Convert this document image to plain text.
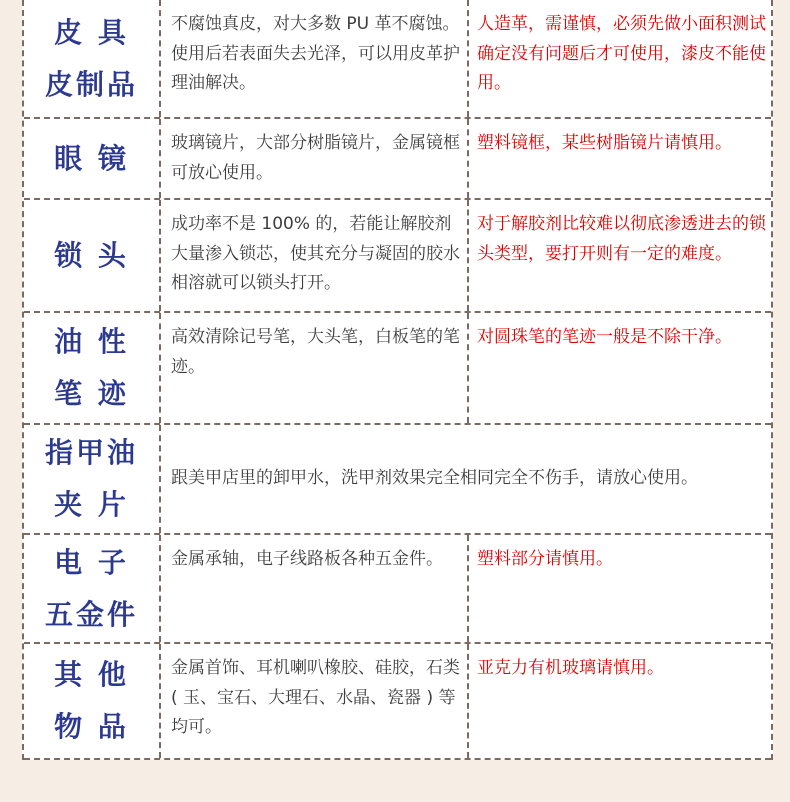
皮 具
皮制品
不腐蚀真皮，对大多数 PU 革不腐蚀。使用后若表面失去光泽，可以用皮革护理油解决。
人造革，需谨慎，必须先做小面积测试确定没有问题后才可使用，漆皮不能使用。
眼 镜	玻璃镜片，大部分树脂镜片，金属镜框可放心使用。
塑料镜框，某些树脂镜片请慎用。
锁 头
成功率不是 100% 的，若能让解胶剂大量渗入锁芯，使其充分与凝固的胶水相溶就可以锁头打开。
对于解胶剂比较难以彻底渗透进去的锁头类型，要打开则有一定的难度。
油 性
笔 迹
高效清除记号笔，大头笔，白板笔的笔迹。
对圆珠笔的笔迹一般是不除干净。
指甲油
夹 片
跟美甲店里的卸甲水，洗甲剂效果完全相同完全不伤手，请放心使用。
电 子
五金件
金属承轴，电子线路板各种五金件。	塑料部分请慎用。
其 他
物 品
金属首饰、耳机喇叭橡胶、硅胶，石类 ( 玉、宝石、大理石、水晶、瓷器 ) 等均可。
亚克力有机玻璃请慎用。
